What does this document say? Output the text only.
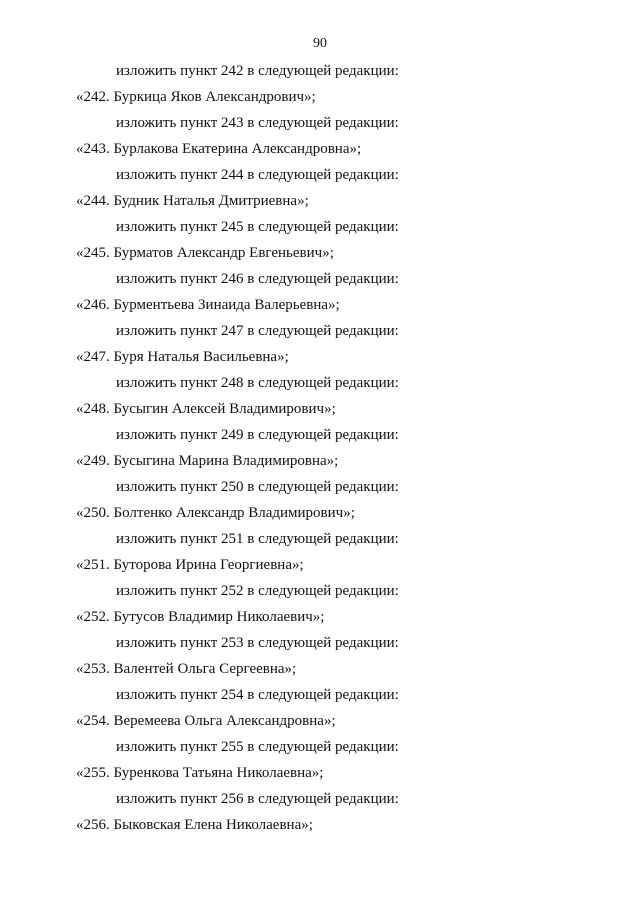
90
изложить пункт 242 в следующей редакции:
«242. Буркица Яков Александрович»;
изложить пункт 243 в следующей редакции:
«243. Бурлакова Екатерина Александровна»;
изложить пункт 244 в следующей редакции:
«244. Будник Наталья Дмитриевна»;
изложить пункт 245 в следующей редакции:
«245. Бурматов Александр Евгеньевич»;
изложить пункт 246 в следующей редакции:
«246. Бурментьева Зинаида Валерьевна»;
изложить пункт 247 в следующей редакции:
«247. Буря Наталья Васильевна»;
изложить пункт 248 в следующей редакции:
«248. Бусыгин Алексей Владимирович»;
изложить пункт 249 в следующей редакции:
«249. Бусыгина Марина Владимировна»;
изложить пункт 250 в следующей редакции:
«250. Болтенко Александр Владимирович»;
изложить пункт 251 в следующей редакции:
«251. Буторова Ирина Георгиевна»;
изложить пункт 252 в следующей редакции:
«252. Бутусов Владимир Николаевич»;
изложить пункт 253 в следующей редакции:
«253. Валентей Ольга Сергеевна»;
изложить пункт 254 в следующей редакции:
«254. Веремеева Ольга Александровна»;
изложить пункт 255 в следующей редакции:
«255. Буренкова Татьяна Николаевна»;
изложить пункт 256 в следующей редакции:
«256. Быковская Елена Николаевна»;
